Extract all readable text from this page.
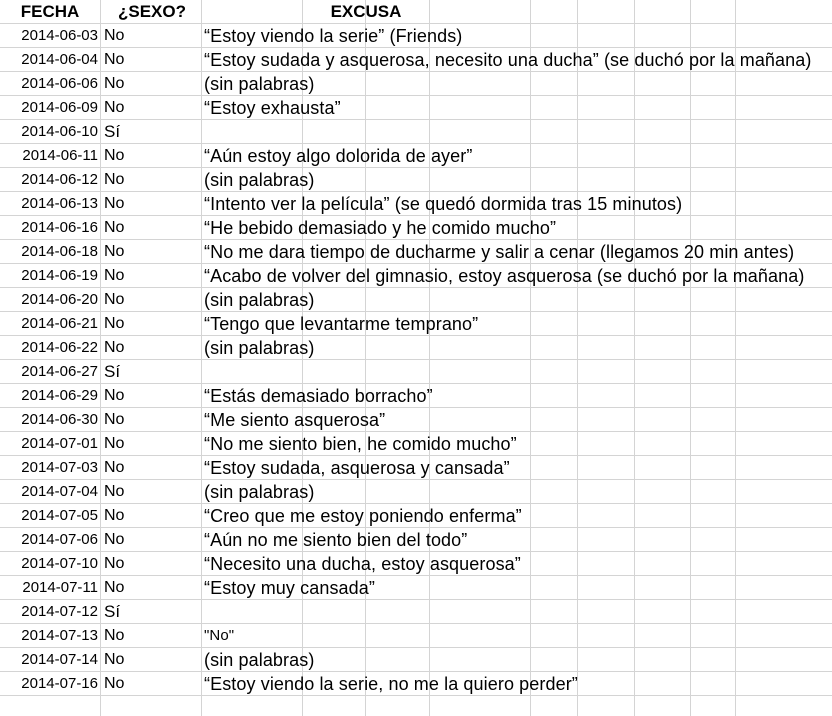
FECHA	¿SEXO?	EXCUSA
2014-06-03 No	“Estoy viendo la serie” (Friends)
2014-06-04 No	“Estoy sudada y asquerosa, necesito una ducha” (se duchó por la mañana)
2014-06-06 No	(sin palabras)
2014-06-09 No	“Estoy exhausta”
2014-06-10 Sí
2014-06-11 No	“Aún estoy algo dolorida de ayer”
2014-06-12 No	(sin palabras)
2014-06-13 No	“Intento ver la película” (se quedó dormida tras 15 minutos)
2014-06-16 No	“He bebido demasiado y he comido mucho”
2014-06-18 No	“No me dara tiempo de ducharme y salir a cenar (llegamos 20 min antes)
2014-06-19 No	“Acabo de volver del gimnasio, estoy asquerosa (se duchó por la mañana)
2014-06-20 No	(sin palabras)
2014-06-21 No	“Tengo que levantarme temprano”
2014-06-22 No	(sin palabras)
2014-06-27 Sí
2014-06-29 No	“Estás demasiado borracho”
2014-06-30 No	“Me siento asquerosa”
2014-07-01 No	“No me siento bien, he comido mucho”
2014-07-03 No	“Estoy sudada, asquerosa y cansada”
2014-07-04 No	(sin palabras)
2014-07-05 No	“Creo que me estoy poniendo enferma”
2014-07-06 No	“Aún no me siento bien del todo”
2014-07-10 No	“Necesito una ducha, estoy asquerosa”
2014-07-11 No	“Estoy muy cansada”
2014-07-12 Sí
2014-07-13 No	"No"
2014-07-14 No	(sin palabras)
2014-07-16 No	“Estoy viendo la serie, no me la quiero perder”
